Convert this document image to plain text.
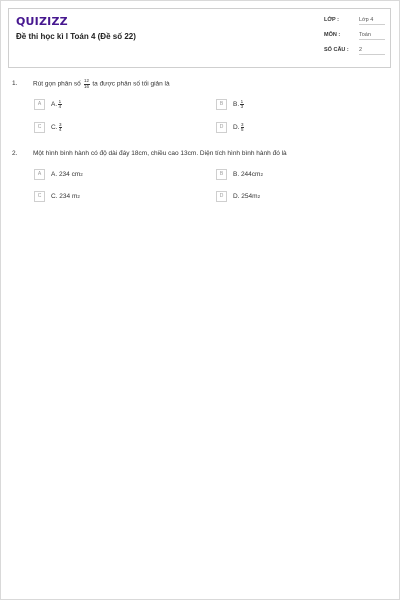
QUIZIZZ
Đề thi học kì I Toán 4 (Đề số 22)
LỚP :	Lớp 4
MÔN :	Toán
SỐ CÂU : 2
1. Rút gọn phân số $\frac{12}{16}$ ta được phân số tối giản là
A	A. $\frac{1}{4}$	B	B. $\frac{1}{3}$
C	C. $\frac{3}{4}$	D	D. $\frac{3}{5}$
2. Một hình bình hành có độ dài đáy 18cm, chiều cao 13cm. Diện tích hình bình hành đó là
A	A. 234 cm 2	B	B. 244cm 2
C	C. 234 m 2	D	D. 254m 2
